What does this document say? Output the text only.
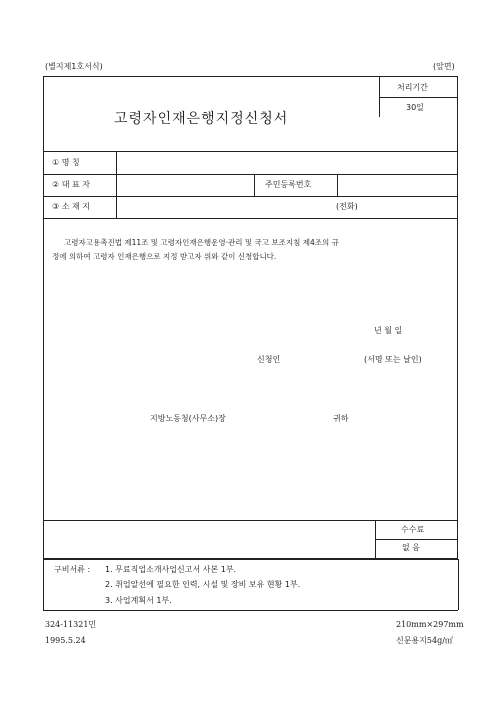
(별지제1호서식)	(앞면)
처리기간
30일
고령자인재은행지정신청서
① 명 칭
② 대 표 자	주민등록번호
③ 소 재 지	(전화)
고령자고용촉진법 제11조 및 고령자인재은행운영·관리 및 국고 보조지침 제4조의 규
정에 의하여 고령자 인재은행으로 지정 받고자 위와 같이 신청합니다.
년 월 일
신청인	(서명 또는 날인)
지방노동청(사무소)장	귀하
수수료
없 음
구비서류 : 1. 무료직업소개사업신고서 사본 1부.
2. 취업알선에 필요한 인력, 시설 및 장비 보유 현황 1부.
3. 사업계획서 1부.
324-11321민
1995.5.24
210mm×297mm
신문용지54g/㎡
